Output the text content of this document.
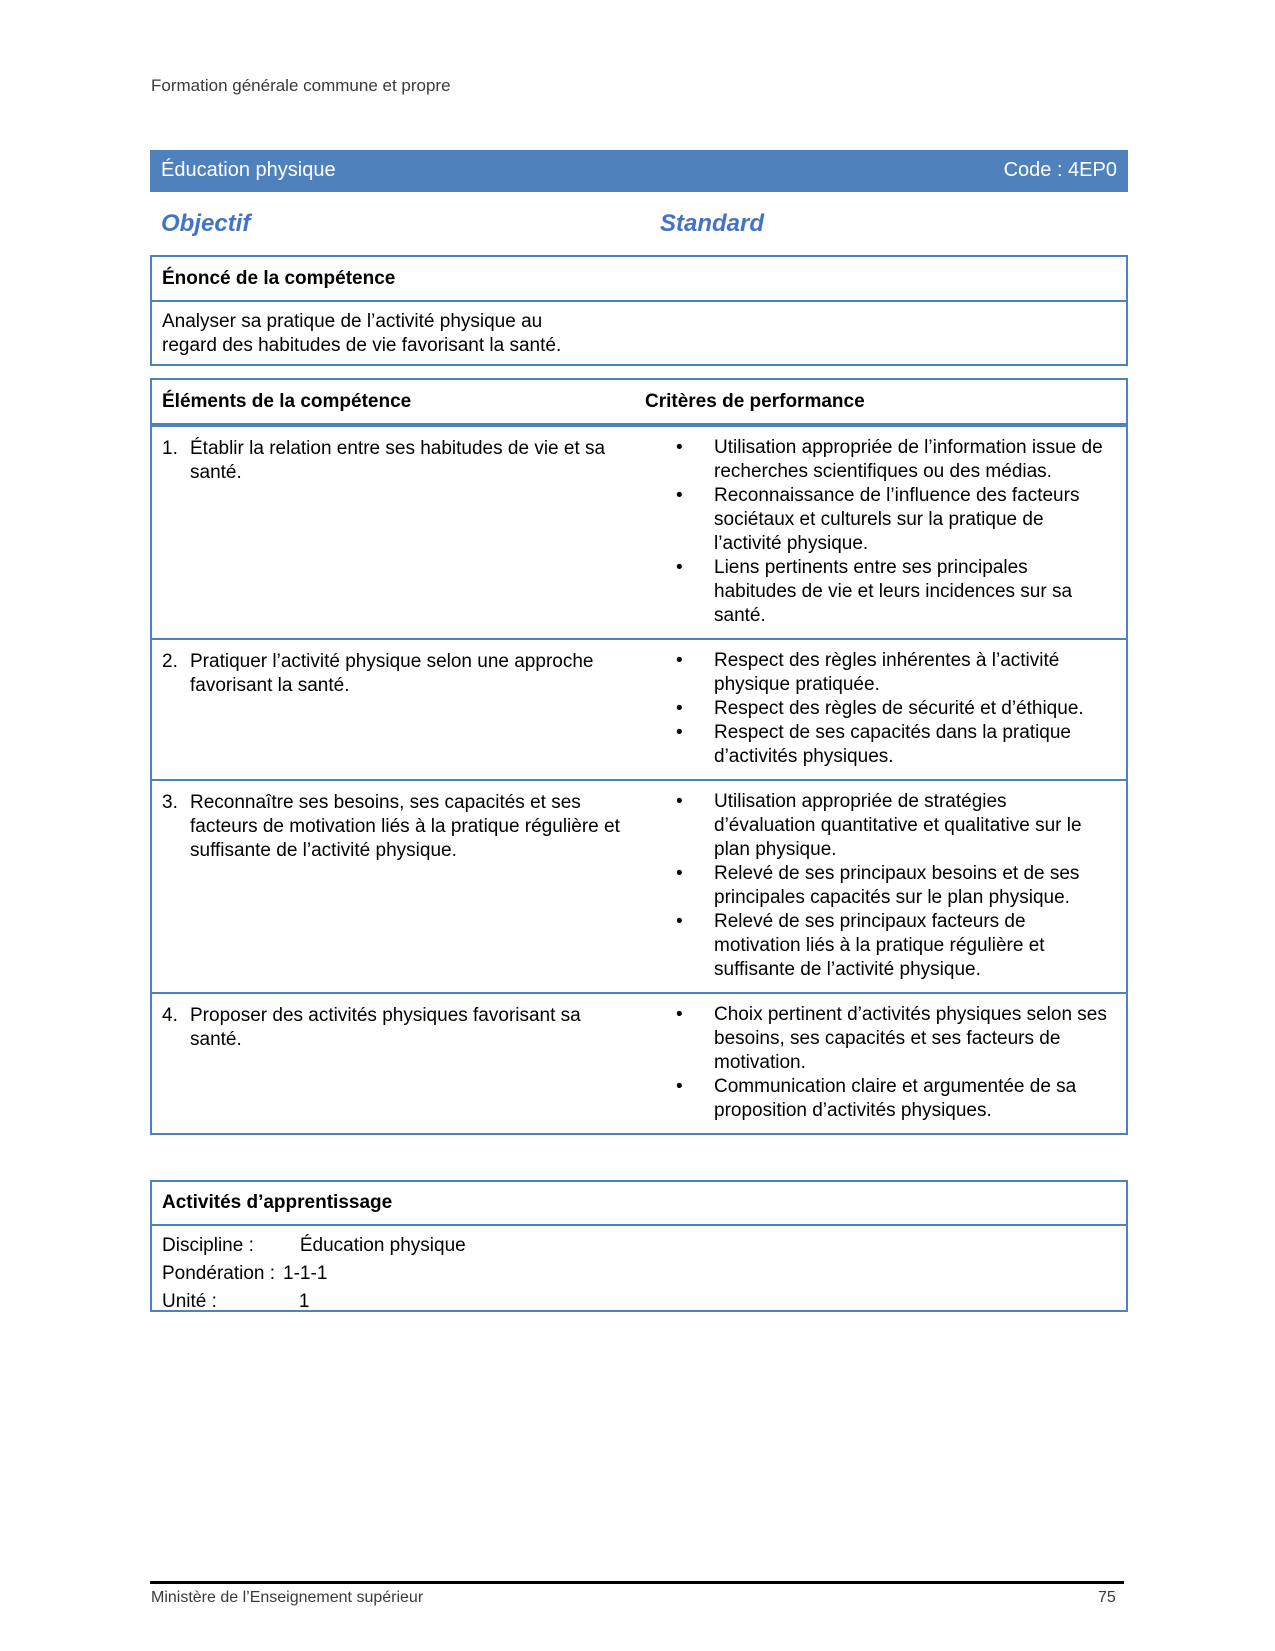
Formation générale commune et propre
Éducation physique	Code : 4EP0
Objectif	Standard
Énoncé de la compétence
Analyser sa pratique de l’activité physique au
regard des habitudes de vie favorisant la santé.
Éléments de la compétence	Critères de performance
1. Établir la relation entre ses habitudes de vie et sa santé.
• Utilisation appropriée de l’information issue de recherches scientifiques ou des médias.
• Reconnaissance de l’influence des facteurs sociétaux et culturels sur la pratique de l’activité physique.
• Liens pertinents entre ses principales habitudes de vie et leurs incidences sur sa santé.
2. Pratiquer l’activité physique selon une approche favorisant la santé.
• Respect des règles inhérentes à l’activité physique pratiquée.
• Respect des règles de sécurité et d’éthique.
• Respect de ses capacités dans la pratique d’activités physiques.
3. Reconnaître ses besoins, ses capacités et ses facteurs de motivation liés à la pratique régulière et suffisante de l’activité physique.
• Utilisation appropriée de stratégies d’évaluation quantitative et qualitative sur le plan physique.
• Relevé de ses principaux besoins et de ses principales capacités sur le plan physique.
• Relevé de ses principaux facteurs de motivation liés à la pratique régulière et suffisante de l’activité physique.
4. Proposer des activités physiques favorisant sa santé.
• Choix pertinent d’activités physiques selon ses besoins, ses capacités et ses facteurs de motivation.
• Communication claire et argumentée de sa proposition d’activités physiques.
Activités d’apprentissage
Discipline : Éducation physique
Pondération : 1-1-1
Unité :	1
Ministère de l’Enseignement supérieur	75
